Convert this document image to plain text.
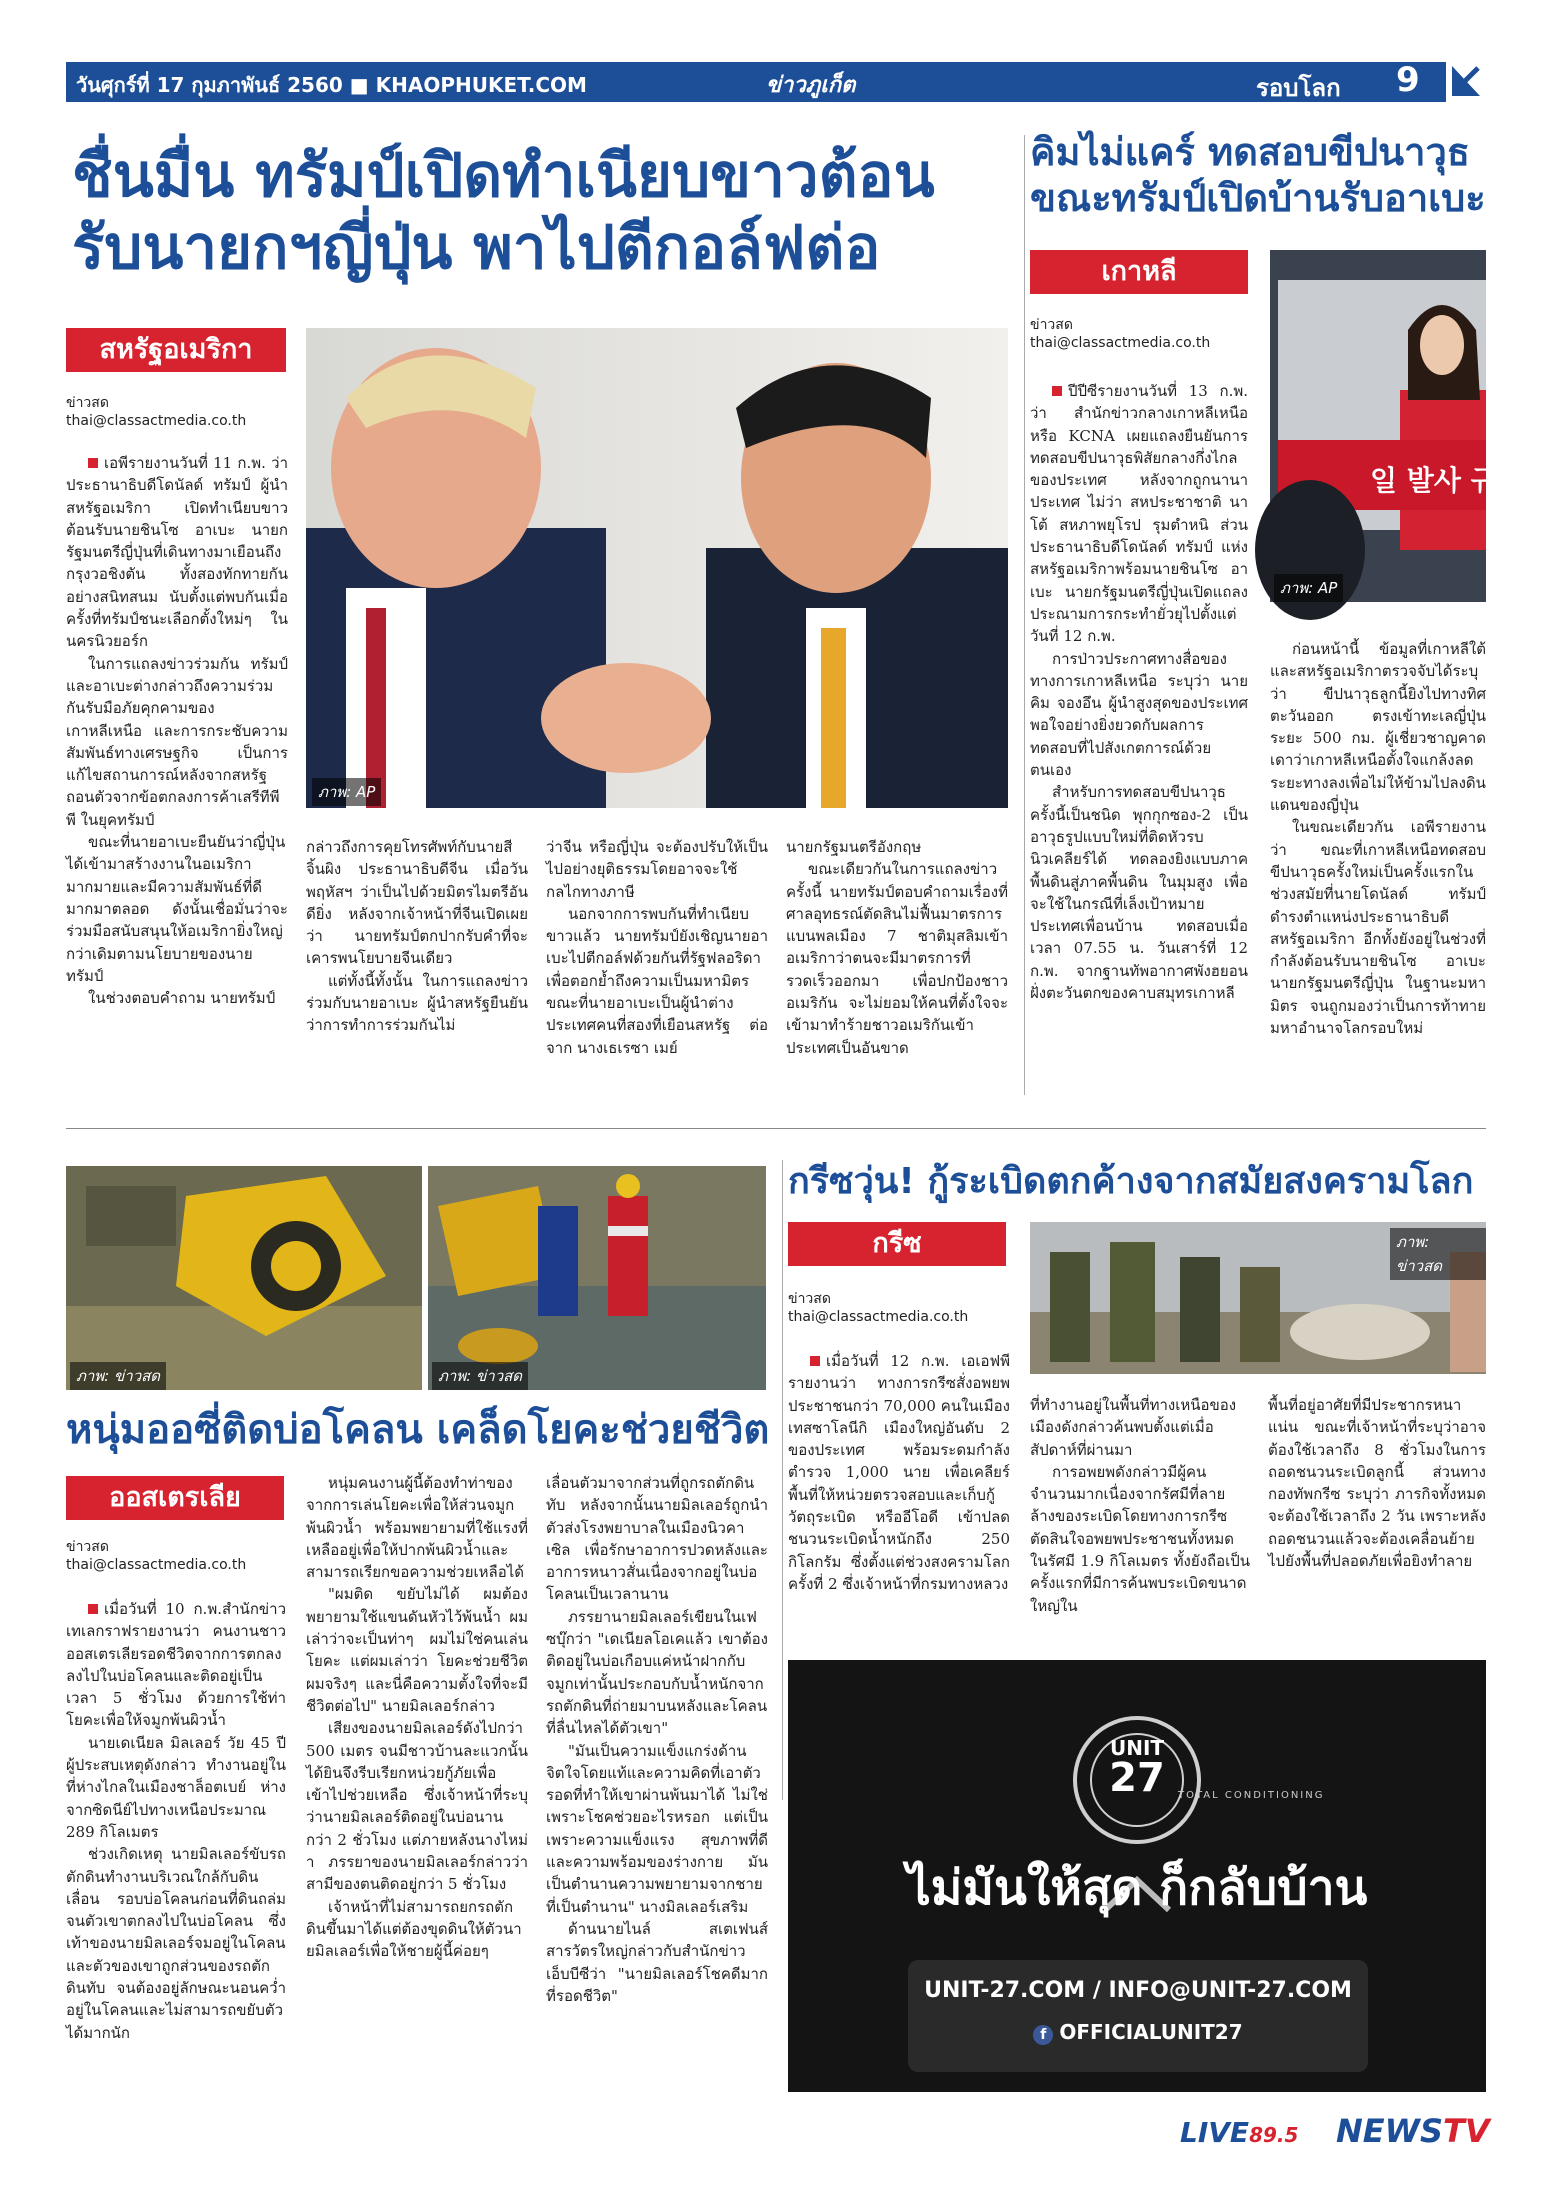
วันศุกร์ที่ 17 กุมภาพันธ์ 2560 ■ KHAOPHUKET.COM	ข่าวภูเก็ต	รอบโลก 9
ชื่นมื่น ทรัมป์เปิดทำเนียบขาวต้อน
รับนายกฯญี่ปุ่น พาไปตีกอล์ฟต่อ
สหรัฐอเมริกา
ข่าวสด
thai@classactmedia.co.th

เอพีรายงานวันที่ 11 ก.พ. ว่า ประธานาธิบดีโดนัลด์ ทรัมป์ ผู้นำสหรัฐอเมริกา เปิดทำเนียบขาวต้อนรับนายชินโซ อาเบะ นายกรัฐมนตรีญี่ปุ่นที่เดินทางมาเยือนถึงกรุงวอชิงตัน ทั้งสองทักทายกันอย่างสนิทสนม นับตั้งแต่พบกันเมื่อครั้งที่ทรัมป์ชนะเลือกตั้งใหม่ๆ ในนครนิวยอร์ก

ในการแถลงข่าวร่วมกัน ทรัมป์และอาเบะต่างกล่าวถึงความร่วมกันรับมือภัยคุกคามของเกาหลีเหนือ และการกระชับความสัมพันธ์ทางเศรษฐกิจ เป็นการแก้ไขสถานการณ์หลังจากสหรัฐถอนตัวจากข้อตกลงการค้าเสรีทีพีพี ในยุคทรัมป์

ขณะที่นายอาเบะยืนยันว่าญี่ปุ่นได้เข้ามาสร้างงานในอเมริกามากมายและมีความสัมพันธ์ที่ดีมากมาตลอด ดังนั้นเชื่อมั่นว่าจะร่วมมือสนับสนุนให้อเมริกายิ่งใหญ่กว่าเดิมตามนโยบายของนายทรัมป์

ในช่วงตอบคำถาม นายทรัมป์

ภาพ: AP

กล่าวถึงการคุยโทรศัพท์กับนายสี จิ้นผิง ประธานาธิบดีจีน เมื่อวันพฤหัสฯ ว่าเป็นไปด้วยมิตรไมตรีอันดียิ่ง หลังจากเจ้าหน้าที่จีนเปิดเผยว่า นายทรัมป์ตกปากรับคำที่จะเคารพนโยบายจีนเดียว

แต่ทั้งนี้ทั้งนั้น ในการแถลงข่าวร่วมกับนายอาเบะ ผู้นำสหรัฐยืนยันว่าการทำการร่วมกันไม่

ว่าจีน หรือญี่ปุ่น จะต้องปรับให้เป็นไปอย่างยุติธรรมโดยอาจจะใช้กลไกทางภาษี

นอกจากการพบกันที่ทำเนียบขาวแล้ว นายทรัมป์ยังเชิญนายอาเบะไปตีกอล์ฟด้วยกันที่รัฐฟลอริดา เพื่อตอกย้ำถึงความเป็นมหามิตร ขณะที่นายอาเบะเป็นผู้นำต่างประเทศคนที่สองที่เยือนสหรัฐ ต่อจาก นางเธเรซา เมย์

นายกรัฐมนตรีอังกฤษ

ขณะเดียวกันในการแถลงข่าวครั้งนี้ นายทรัมป์ตอบคำถามเรื่องที่ศาลอุทธรณ์ตัดสินไม่ฟื้นมาตรการแบนพลเมือง 7 ชาติมุสลิมเข้าอเมริกาว่าตนจะมีมาตรการที่รวดเร็วออกมา เพื่อปกป้องชาวอเมริกัน จะไม่ยอมให้คนที่ตั้งใจจะเข้ามาทำร้ายชาวอเมริกันเข้าประเทศเป็นอันขาด

คิมไม่แคร์ ทดสอบขีปนาวุธ
ขณะทรัมป์เปิดบ้านรับอาเบะ
เกาหลี
ข่าวสด
thai@classactmedia.co.th

ปีปีซีรายงานวันที่ 13 ก.พ. ว่า สำนักข่าวกลางเกาหลีเหนือ หรือ KCNA เผยแถลงยืนยันการทดสอบขีปนาวุธพิสัยกลางกึ่งไกลของประเทศ หลังจากถูกนานาประเทศ ไม่ว่า สหประชาชาติ นาโต้ สหภาพยุโรป รุมตำหนิ ส่วนประธานาธิบดีโดนัลด์ ทรัมป์ แห่งสหรัฐอเมริกาพร้อมนายชินโซ อาเบะ นายกรัฐมนตรีญี่ปุ่นเปิดแถลงประณามการกระทำยั่วยุไปตั้งแต่วันที่ 12 ก.พ.

การป่าวประกาศทางสื่อของทางการเกาหลีเหนือ ระบุว่า นายคิม จองอึน ผู้นำสูงสุดของประเทศพอใจอย่างยิ่งยวดกับผลการทดสอบที่ไปสังเกตการณ์ด้วยตนเอง

สำหรับการทดสอบขีปนาวุธครั้งนี้เป็นชนิด พุกกุกซอง-2 เป็นอาวุธรูปแบบใหม่ที่ติดหัวรบนิวเคลียร์ได้ ทดลองยิงแบบภาคพื้นดินสู่ภาคพื้นดิน ในมุมสูง เพื่อจะใช้ในกรณีที่เล็งเป้าหมายประเทศเพื่อนบ้าน ทดสอบเมื่อเวลา 07.55 น. วันเสาร์ที่ 12 ก.พ. จากฐานทัพอากาศพังฮยอน ฝั่งตะวันตกของคาบสมุทรเกาหลี

일 발사 규탄
ภาพ: AP

ก่อนหน้านี้ ข้อมูลที่เกาหลีใต้และสหรัฐอเมริกาตรวจจับได้ระบุว่า ขีปนาวุธลูกนี้ยิงไปทางทิศตะวันออก ตรงเข้าทะเลญี่ปุ่น ระยะ 500 กม. ผู้เชี่ยวชาญคาดเดาว่าเกาหลีเหนือตั้งใจแกล้งลดระยะทางลงเพื่อไม่ให้ข้ามไปลงดินแดนของญี่ปุ่น

ในขณะเดียวกัน เอพีรายงานว่า ขณะที่เกาหลีเหนือทดสอบขีปนาวุธครั้งใหม่เป็นครั้งแรกในช่วงสมัยที่นายโดนัลด์ ทรัมป์ ดำรงตำแหน่งประธานาธิบดีสหรัฐอเมริกา อีกทั้งยังอยู่ในช่วงที่กำลังต้อนรับนายชินโซ อาเบะ นายกรัฐมนตรีญี่ปุ่น ในฐานะมหามิตร จนถูกมองว่าเป็นการท้าทายมหาอำนาจโลกรอบใหม่

ภาพ: ข่าวสด	ภาพ: ข่าวสด
หนุ่มออซี่ติดบ่อโคลน เคล็ดโยคะช่วยชีวิต
ออสเตรเลีย
ข่าวสด
thai@classactmedia.co.th

เมื่อวันที่ 10 ก.พ.สำนักข่าวเทเลกราฟรายงานว่า คนงานชาวออสเตรเลียรอดชีวิตจากการตกลงลงไปในบ่อโคลนและติดอยู่เป็นเวลา 5 ชั่วโมง ด้วยการใช้ท่าโยคะเพื่อให้จมูกพ้นผิวน้ำ

นายเดเนียล มิลเลอร์ วัย 45 ปี ผู้ประสบเหตุดังกล่าว ทำงานอยู่ในที่ห่างไกลในเมืองชาล็อตเบย์ ห่างจากซิดนีย์ไปทางเหนือประมาณ 289 กิโลเมตร

ช่วงเกิดเหตุ นายมิลเลอร์ขับรถตักดินทำงานบริเวณใกล้กับดินเลื่อน รอบบ่อโคลนก่อนที่ดินถล่มจนตัวเขาตกลงไปในบ่อโคลน ซึ่งเท้าของนายมิลเลอร์จมอยู่ในโคลนและตัวของเขาถูกส่วนของรถตักดินทับ จนต้องอยู่ลักษณะนอนคว่ำอยู่ในโคลนและไม่สามารถขยับตัวได้มากนัก

หนุ่มคนงานผู้นี้ต้องทำท่าของจากการเล่นโยคะเพื่อให้ส่วนจมูกพ้นผิวน้ำ พร้อมพยายามที่ใช้แรงที่เหลืออยู่เพื่อให้ปากพ้นผิวน้ำและสามารถเรียกขอความช่วยเหลือได้

"ผมติด ขยับไม่ได้ ผมต้องพยายามใช้แขนดันหัวไว้พ้นน้ำ ผมเล่าว่าจะเป็นท่าๆ ผมไม่ใช่คนเล่นโยคะ แต่ผมเล่าว่า โยคะช่วยชีวิตผมจริงๆ และนี่คือความตั้งใจที่จะมีชีวิตต่อไป" นายมิลเลอร์กล่าว

เสียงของนายมิลเลอร์ดังไปกว่า 500 เมตร จนมีชาวบ้านละแวกนั้นได้ยินจึงรีบเรียกหน่วยกู้ภัยเพื่อเข้าไปช่วยเหลือ ซึ่งเจ้าหน้าที่ระบุว่านายมิลเลอร์ติดอยู่ในบ่อนานกว่า 2 ชั่วโมง แต่ภายหลังนางไหม่า ภรรยาของนายมิลเลอร์กล่าวว่า สามีของตนติดอยู่กว่า 5 ชั่วโมง

เจ้าหน้าที่ไม่สามารถยกรถตักดินขึ้นมาได้แต่ต้องขุดดินให้ตัวนายมิลเลอร์เพื่อให้ชายผู้นี้ค่อยๆ

เลื่อนตัวมาจากส่วนที่ถูกรถตักดินทับ หลังจากนั้นนายมิลเลอร์ถูกนำตัวส่งโรงพยาบาลในเมืองนิวคาเซิล เพื่อรักษาอาการปวดหลังและอาการหนาวสั่นเนื่องจากอยู่ในบ่อโคลนเป็นเวลานาน

ภรรยานายมิลเลอร์เขียนในเฟซบุ๊กว่า "เดเนียลโอเคแล้ว เขาต้องติดอยู่ในบ่อเกือบแค่หน้าฝากกับจมูกเท่านั้นประกอบกับน้ำหนักจากรถตักดินที่ถ่ายมาบนหลังและโคลนที่ลื่นไหลได้ตัวเขา"

"มันเป็นความแข็งแกร่งด้านจิตใจโดยแท้และความคิดที่เอาตัวรอดที่ทำให้เขาผ่านพ้นมาได้ ไม่ใช่เพราะโชคช่วยอะไรหรอก แต่เป็นเพราะความแข็งแรง สุขภาพที่ดี และความพร้อมของร่างกาย มันเป็นตำนานความพยายามจากชายที่เป็นตำนาน" นางมิลเลอร์เสริม

ด้านนายไนล์ สเตเฟนส์ สารวัตรใหญ่กล่าวกับสำนักข่าวเอ็บบีซีว่า "นายมิลเลอร์โชคดีมากที่รอดชีวิต"

กรีซวุ่น! กู้ระเบิดตกค้างจากสมัยสงครามโลก
กรีซ
ข่าวสด
thai@classactmedia.co.th
ภาพ: ข่าวสด

เมื่อวันที่ 12 ก.พ. เอเอฟพีรายงานว่า ทางการกรีซสั่งอพยพประชาชนกว่า 70,000 คนในเมืองเทสซาโลนีกิ เมืองใหญ่อันดับ 2 ของประเทศ พร้อมระดมกำลังตำรวจ 1,000 นาย เพื่อเคลียร์พื้นที่ให้หน่วยตรวจสอบและเก็บกู้วัตถุระเบิด หรืออีโอดี เข้าปลดชนวนระเบิดน้ำหนักถึง 250 กิโลกรัม ซึ่งตั้งแต่ช่วงสงครามโลกครั้งที่ 2 ซึ่งเจ้าหน้าที่กรมทางหลวง

ที่ทำงานอยู่ในพื้นที่ทางเหนือของเมืองดังกล่าวค้นพบตั้งแต่เมื่อสัปดาห์ที่ผ่านมา

การอพยพดังกล่าวมีผู้คนจำนวนมากเนื่องจากรัศมีที่ลายล้างของระเบิดโดยทางการกรีซตัดสินใจอพยพประชาชนทั้งหมดในรัศมี 1.9 กิโลเมตร ทั้งยังถือเป็นครั้งแรกที่มีการค้นพบระเบิดขนาดใหญ่ใน

พื้นที่อยู่อาศัยที่มีประชากรหนาแน่น ขณะที่เจ้าหน้าที่ระบุว่าอาจต้องใช้เวลาถึง 8 ชั่วโมงในการถอดชนวนระเบิดลูกนี้ ส่วนทางกองทัพกรีซ ระบุว่า ภารกิจทั้งหมดจะต้องใช้เวลาถึง 2 วัน เพราะหลังถอดชนวนแล้วจะต้องเคลื่อนย้ายไปยังพื้นที่ปลอดภัยเพื่อยิงทำลาย

UNIT
27	TOTAL CONDITIONING
ไม่มันให้สุด ก็กลับบ้าน
UNIT-27.COM / INFO@UNIT-27.COM
f OFFICIALUNIT27
LIVE89.5 NEWSTV
